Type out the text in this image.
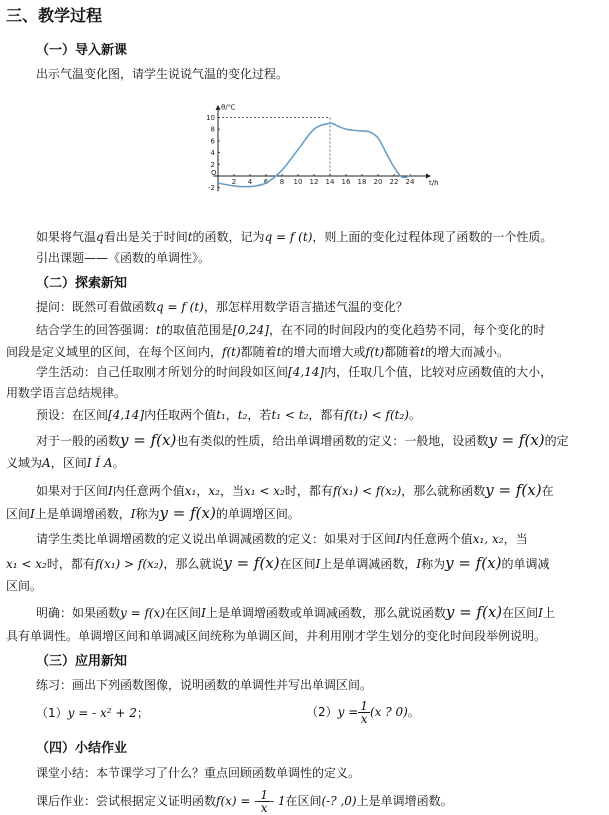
三、教学过程
（一）导入新课
出示气温变化图，请学生说说气温的变化过程。
θ/℃
t/h
O
2 4 6 8 10 12 14 16 18 20 22 24
10
8
6
4
2
-2
如果将气温q看出是关于时间t的函数，记为q = f (t)，则上面的变化过程体现了函数的一个性质。
引出课题——《函数的单调性》。
（二）探索新知
提问：既然可看做函数q = f (t)，那怎样用数学语言描述气温的变化？
结合学生的回答强调：t的取值范围是[0,24]，在不同的时间段内的变化趋势不同，每个变化的时
间段是定义域里的区间，在每个区间内，f(t)都随着t的增大而增大或f(t)都随着t的增大而减小。
学生活动：自己任取刚才所划分的时间段如区间[4,14]内，任取几个值，比较对应函数值的大小，
用数学语言总结规律。
预设：在区间[4,14]内任取两个值t₁，t₂，若t₁ < t₂，都有f(t₁) < f(t₂)。
对于一般的函数y = f(x)也有类似的性质，给出单调增函数的定义：一般地，设函数y = f(x)的定
义域为A，区间I Í A。
如果对于区间I内任意两个值x₁，x₂，当x₁ < x₂时，都有f(x₁) < f(x₂)，那么就称函数y = f(x)在
区间I上是单调增函数，I称为y = f(x)的单调增区间。
请学生类比单调增函数的定义说出单调减函数的定义：如果对于区间I内任意两个值x₁, x₂，当
x₁ < x₂时，都有f(x₁) > f(x₂)，那么就说y = f(x)在区间I上是单调减函数，I称为y = f(x)的单调减
区间。
明确：如果函数y = f(x)在区间I上是单调增函数或单调减函数，那么就说函数y = f(x)在区间I上
具有单调性。单调增区间和单调减区间统称为单调区间，并利用刚才学生划分的变化时间段举例说明。
（三）应用新知
练习：画出下列函数图像，说明函数的单调性并写出单调区间。
（1）y = - x² + 2；	$(2)y = \frac{1}{x} (x$ ? 0)。
（四）小结作业
课堂小结：本节课学习了什么？重点回顾函数单调性的定义。
课后作业：尝试根据定义证明函数f(x) = - $\frac{1}{x} - 1$在区间(-? ,0)上是单调增函数。
